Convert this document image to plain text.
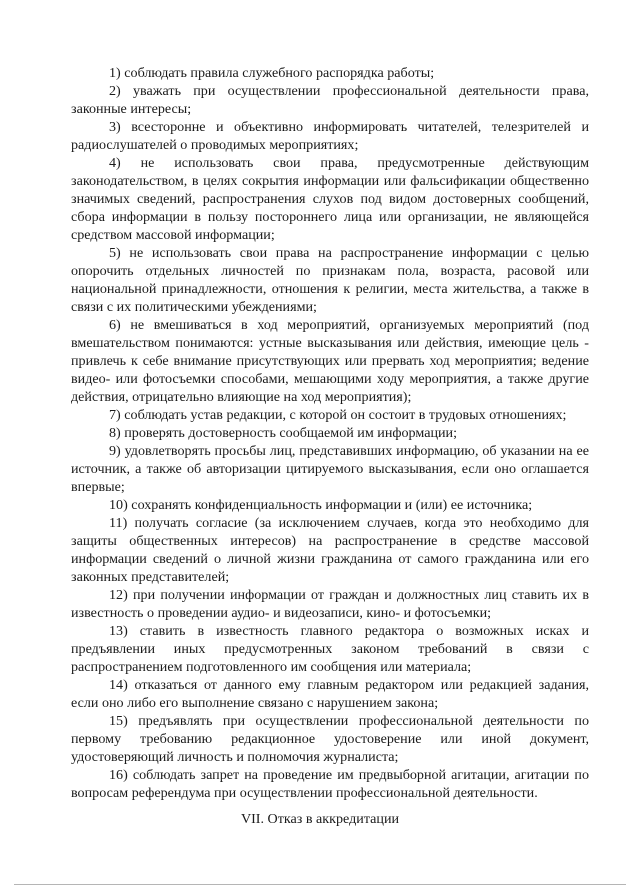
1) соблюдать правила служебного распорядка работы;

2) уважать при осуществлении профессиональной деятельности права, законные интересы;

3) всесторонне и объективно информировать читателей, телезрителей и радиослушателей о проводимых мероприятиях;

4) не использовать свои права, предусмотренные действующим законодательством, в целях сокрытия информации или фальсификации общественно значимых сведений, распространения слухов под видом достоверных сообщений, сбора информации в пользу постороннего лица или организации, не являющейся средством массовой информации;

5) не использовать свои права на распространение информации с целью опорочить отдельных личностей по признакам пола, возраста, расовой или национальной принадлежности, отношения к религии, места жительства, а также в связи с их политическими убеждениями;

6) не вмешиваться в ход мероприятий, организуемых мероприятий (под вмешательством понимаются: устные высказывания или действия, имеющие цель - привлечь к себе внимание присутствующих или прервать ход мероприятия; ведение видео- или фотосъемки способами, мешающими ходу мероприятия, а также другие действия, отрицательно влияющие на ход мероприятия);

7) соблюдать устав редакции, с которой он состоит в трудовых отношениях;

8) проверять достоверность сообщаемой им информации;

9) удовлетворять просьбы лиц, представивших информацию, об указании на ее источник, а также об авторизации цитируемого высказывания, если оно оглашается впервые;

10) сохранять конфиденциальность информации и (или) ее источника;

11) получать согласие (за исключением случаев, когда это необходимо для защиты общественных интересов) на распространение в средстве массовой информации сведений о личной жизни гражданина от самого гражданина или его законных представителей;

12) при получении информации от граждан и должностных лиц ставить их в известность о проведении аудио- и видеозаписи, кино- и фотосъемки;

13) ставить в известность главного редактора о возможных исках и предъявлении иных предусмотренных законом требований в связи с распространением подготовленного им сообщения или материала;

14) отказаться от данного ему главным редактором или редакцией задания, если оно либо его выполнение связано с нарушением закона;

15) предъявлять при осуществлении профессиональной деятельности по первому требованию редакционное удостоверение или иной документ, удостоверяющий личность и полномочия журналиста;

16) соблюдать запрет на проведение им предвыборной агитации, агитации по вопросам референдума при осуществлении профессиональной деятельности.

VII. Отказ в аккредитации
